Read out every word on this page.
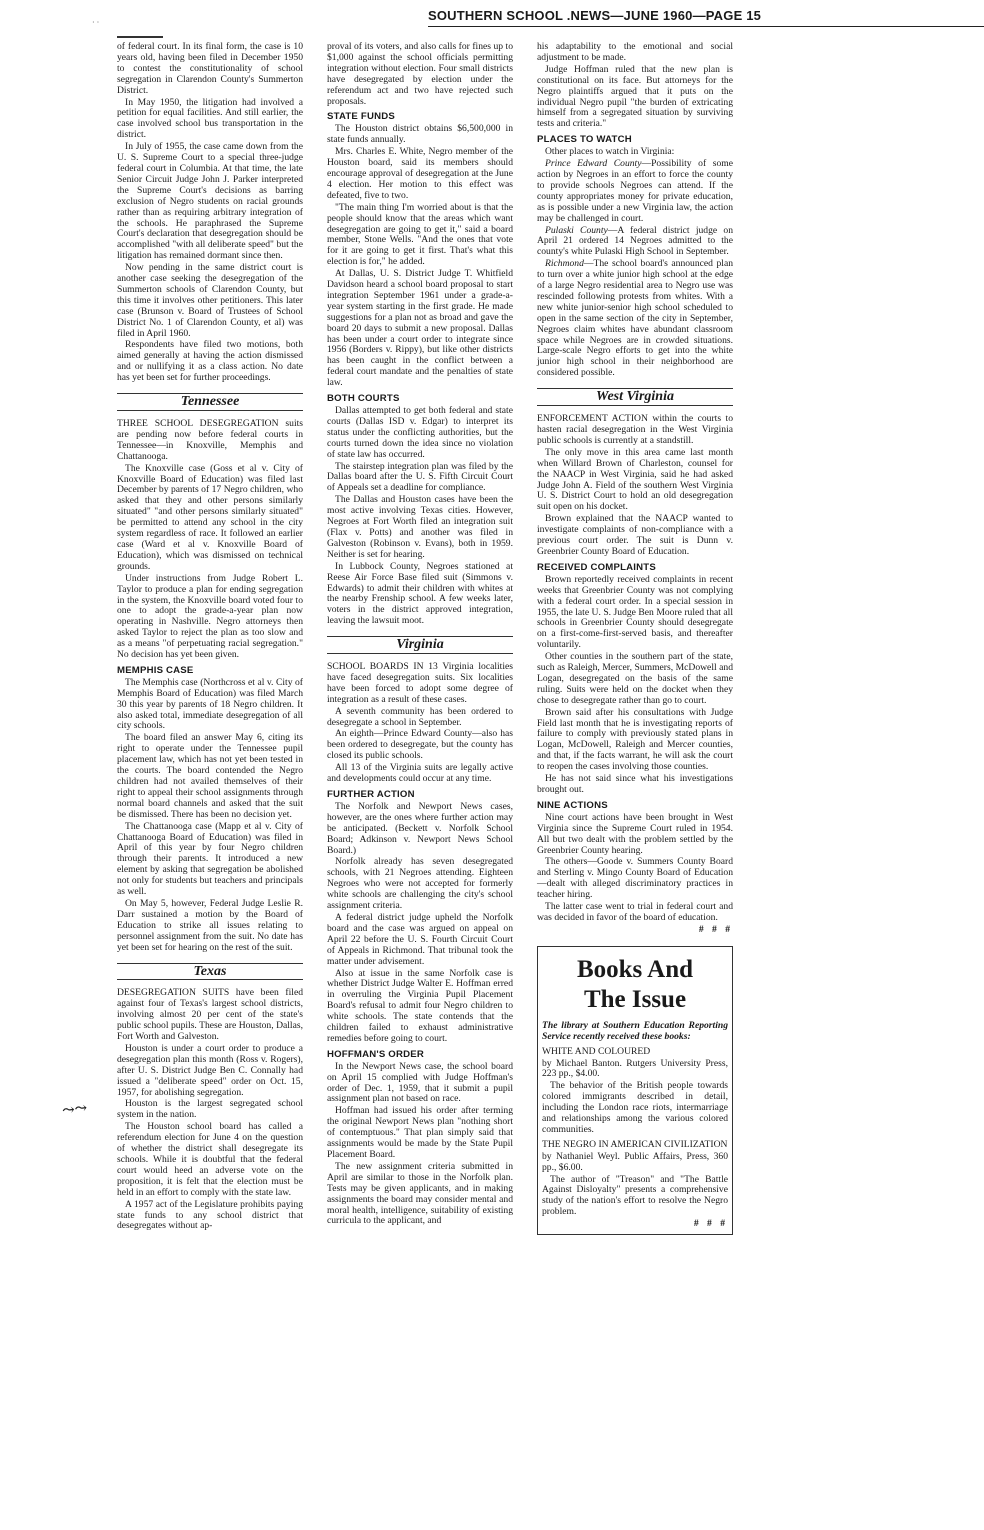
· ·	SOUTHERN SCHOOL .NEWS—JUNE 1960—PAGE 15

of federal court. In its final form, the case is 10 years old, having been filed in December 1950 to contest the constitutionality of school segregation in Clarendon County's Summerton District.

In May 1950, the litigation had involved a petition for equal facilities. And still earlier, the case involved school bus transportation in the district.

In July of 1955, the case came down from the U. S. Supreme Court to a special three-judge federal court in Columbia. At that time, the late Senior Circuit Judge John J. Parker interpreted the Supreme Court's decisions as barring exclusion of Negro students on racial grounds rather than as requiring arbitrary integration of the schools. He paraphrased the Supreme Court's declaration that desegregation should be accomplished "with all deliberate speed" but the litigation has remained dormant since then.

Now pending in the same district court is another case seeking the desegregation of the Summerton schools of Clarendon County, but this time it involves other petitioners. This later case (Brunson v. Board of Trustees of School District No. 1 of Clarendon County, et al) was filed in April 1960.

Respondents have filed two motions, both aimed generally at having the action dismissed and or nullifying it as a class action. No date has yet been set for further proceedings.

Tennessee

THREE SCHOOL DESEGREGATION suits are pending now before federal courts in Tennessee—in Knoxville, Memphis and Chattanooga.

The Knoxville case (Goss et al v. City of Knoxville Board of Education) was filed last December by parents of 17 Negro children, who asked that they and other persons similarly situated" "and other persons similarly situated" be permitted to attend any school in the city system regardless of race. It followed an earlier case (Ward et al v. Knoxville Board of Education), which was dismissed on technical grounds.

Under instructions from Judge Robert L. Taylor to produce a plan for ending segregation in the system, the Knoxville board voted four to one to adopt the grade-a-year plan now operating in Nashville. Negro attorneys then asked Taylor to reject the plan as too slow and as a means "of perpetuating racial segregation." No decision has yet been given.

MEMPHIS CASE

The Memphis case (Northcross et al v. City of Memphis Board of Education) was filed March 30 this year by parents of 18 Negro children. It also asked total, immediate desegregation of all city schools.

The board filed an answer May 6, citing its right to operate under the Tennessee pupil placement law, which has not yet been tested in the courts. The board contended the Negro children had not availed themselves of their right to appeal their school assignments through normal board channels and asked that the suit be dismissed. There has been no decision yet.

The Chattanooga case (Mapp et al v. City of Chattanooga Board of Education) was filed in April of this year by four Negro children through their parents. It introduced a new element by asking that segregation be abolished not only for students but teachers and principals as well.

On May 5, however, Federal Judge Leslie R. Darr sustained a motion by the Board of Education to strike all issues relating to personnel assignment from the suit. No date has yet been set for hearing on the rest of the suit.

Texas

DESEGREGATION SUITS have been filed against four of Texas's largest school districts, involving almost 20 per cent of the state's public school pupils. These are Houston, Dallas, Fort Worth and Galveston.

Houston is under a court order to produce a desegregation plan this month (Ross v. Rogers), after U. S. District Judge Ben C. Connally had issued a "deliberate speed" order on Oct. 15, 1957, for abolishing segregation.

Houston is the largest segregated school system in the nation.

The Houston school board has called a referendum election for June 4 on the question of whether the district shall desegregate its schools. While it is doubtful that the federal court would heed an adverse vote on the proposition, it is felt that the election must be held in an effort to comply with the state law.

A 1957 act of the Legislature prohibits paying state funds to any school district that desegregates without ap-

proval of its voters, and also calls for fines up to $1,000 against the school officials permitting integration without election. Four small districts have desegregated by election under the referendum act and two have rejected such proposals.

STATE FUNDS

The Houston district obtains $6,500,000 in state funds annually.

Mrs. Charles E. White, Negro member of the Houston board, said its members should encourage approval of desegregation at the June 4 election. Her motion to this effect was defeated, five to two.

"The main thing I'm worried about is that the people should know that the areas which want desegregation are going to get it," said a board member, Stone Wells. "And the ones that vote for it are going to get it first. That's what this election is for," he added.

At Dallas, U. S. District Judge T. Whitfield Davidson heard a school board proposal to start integration September 1961 under a grade-a-year system starting in the first grade. He made suggestions for a plan not as broad and gave the board 20 days to submit a new proposal. Dallas has been under a court order to integrate since 1956 (Borders v. Rippy), but like other districts has been caught in the conflict between a federal court mandate and the penalties of state law.

BOTH COURTS

Dallas attempted to get both federal and state courts (Dallas ISD v. Edgar) to interpret its status under the conflicting authorities, but the courts turned down the idea since no violation of state law has occurred.

The stairstep integration plan was filed by the Dallas board after the U. S. Fifth Circuit Court of Appeals set a deadline for compliance.

The Dallas and Houston cases have been the most active involving Texas cities. However, Negroes at Fort Worth filed an integration suit (Flax v. Potts) and another was filed in Galveston (Robinson v. Evans), both in 1959. Neither is set for hearing.

In Lubbock County, Negroes stationed at Reese Air Force Base filed suit (Simmons v. Edwards) to admit their children with whites at the nearby Frenship school. A few weeks later, voters in the district approved integration, leaving the lawsuit moot.

Virginia

SCHOOL BOARDS IN 13 Virginia localities have faced desegregation suits. Six localities have been forced to adopt some degree of integration as a result of these cases.

A seventh community has been ordered to desegregate a school in September.

An eighth—Prince Edward County—also has been ordered to desegregate, but the county has closed its public schools.

All 13 of the Virginia suits are legally active and developments could occur at any time.

FURTHER ACTION

The Norfolk and Newport News cases, however, are the ones where further action may be anticipated. (Beckett v. Norfolk School Board; Adkinson v. Newport News School Board.)

Norfolk already has seven desegregated schools, with 21 Negroes attending. Eighteen Negroes who were not accepted for formerly white schools are challenging the city's school assignment criteria.

A federal district judge upheld the Norfolk board and the case was argued on appeal on April 22 before the U. S. Fourth Circuit Court of Appeals in Richmond. That tribunal took the matter under advisement.

Also at issue in the same Norfolk case is whether District Judge Walter E. Hoffman erred in overruling the Virginia Pupil Placement Board's refusal to admit four Negro children to white schools. The state contends that the children failed to exhaust administrative remedies before going to court.

HOFFMAN'S ORDER

In the Newport News case, the school board on April 15 complied with Judge Hoffman's order of Dec. 1, 1959, that it submit a pupil assignment plan not based on race.

Hoffman had issued his order after terming the original Newport News plan "nothing short of contemptuous." That plan simply said that assignments would be made by the State Pupil Placement Board.

The new assignment criteria submitted in April are similar to those in the Norfolk plan. Tests may be given applicants, and in making assignments the board may consider mental and moral health, intelligence, suitability of existing curricula to the applicant, and

his adaptability to the emotional and social adjustment to be made.

Judge Hoffman ruled that the new plan is constitutional on its face. But attorneys for the Negro plaintiffs argued that it puts on the individual Negro pupil "the burden of extricating himself from a segregated situation by surviving tests and criteria."

PLACES TO WATCH

Other places to watch in Virginia:

Prince Edward County—Possibility of some action by Negroes in an effort to force the county to provide schools Negroes can attend. If the county appropriates money for private education, as is possible under a new Virginia law, the action may be challenged in court.

Pulaski County—A federal district judge on April 21 ordered 14 Negroes admitted to the county's white Pulaski High School in September.

Richmond—The school board's announced plan to turn over a white junior high school at the edge of a large Negro residential area to Negro use was rescinded following protests from whites. With a new white junior-senior high school scheduled to open in the same section of the city in September, Negroes claim whites have abundant classroom space while Negroes are in crowded situations. Large-scale Negro efforts to get into the white junior high school in their neighborhood are considered possible.

West Virginia

ENFORCEMENT ACTION within the courts to hasten racial desegregation in the West Virginia public schools is currently at a standstill.

The only move in this area came last month when Willard Brown of Charleston, counsel for the NAACP in West Virginia, said he had asked Judge John A. Field of the southern West Virginia U. S. District Court to hold an old desegregation suit open on his docket.

Brown explained that the NAACP wanted to investigate complaints of non-compliance with a previous court order. The suit is Dunn v. Greenbrier County Board of Education.

RECEIVED COMPLAINTS

Brown reportedly received complaints in recent weeks that Greenbrier County was not complying with a federal court order. In a special session in 1955, the late U. S. Judge Ben Moore ruled that all schools in Greenbrier County should desegregate on a first-come-first-served basis, and thereafter voluntarily.

Other counties in the southern part of the state, such as Raleigh, Mercer, Summers, McDowell and Logan, desegregated on the basis of the same ruling. Suits were held on the docket when they chose to desegregate rather than go to court.

Brown said after his consultations with Judge Field last month that he is investigating reports of failure to comply with previously stated plans in Logan, McDowell, Raleigh and Mercer counties, and that, if the facts warrant, he will ask the court to reopen the cases involving those counties.

He has not said since what his investigations brought out.

NINE ACTIONS

Nine court actions have been brought in West Virginia since the Supreme Court ruled in 1954. All but two dealt with the problem settled by the Greenbrier County hearing.

The others—Goode v. Summers County Board and Sterling v. Mingo County Board of Education—dealt with alleged discriminatory practices in teacher hiring.

The latter case went to trial in federal court and was decided in favor of the board of education.

# # #
Books And
The Issue

The library at Southern Education Reporting Service recently received these books:

WHITE AND COLOURED

by Michael Banton. Rutgers University Press, 223 pp., $4.00.

The behavior of the British people towards colored immigrants described in detail, including the London race riots, intermarriage and relationships among the various colored communities.

THE NEGRO IN AMERICAN CIVILIZATION

by Nathaniel Weyl. Public Affairs, Press, 360 pp., $6.00.

The author of "Treason" and "The Battle Against Disloyalty" presents a comprehensive study of the nation's effort to resolve the Negro problem.

# # #
⤳⤳
